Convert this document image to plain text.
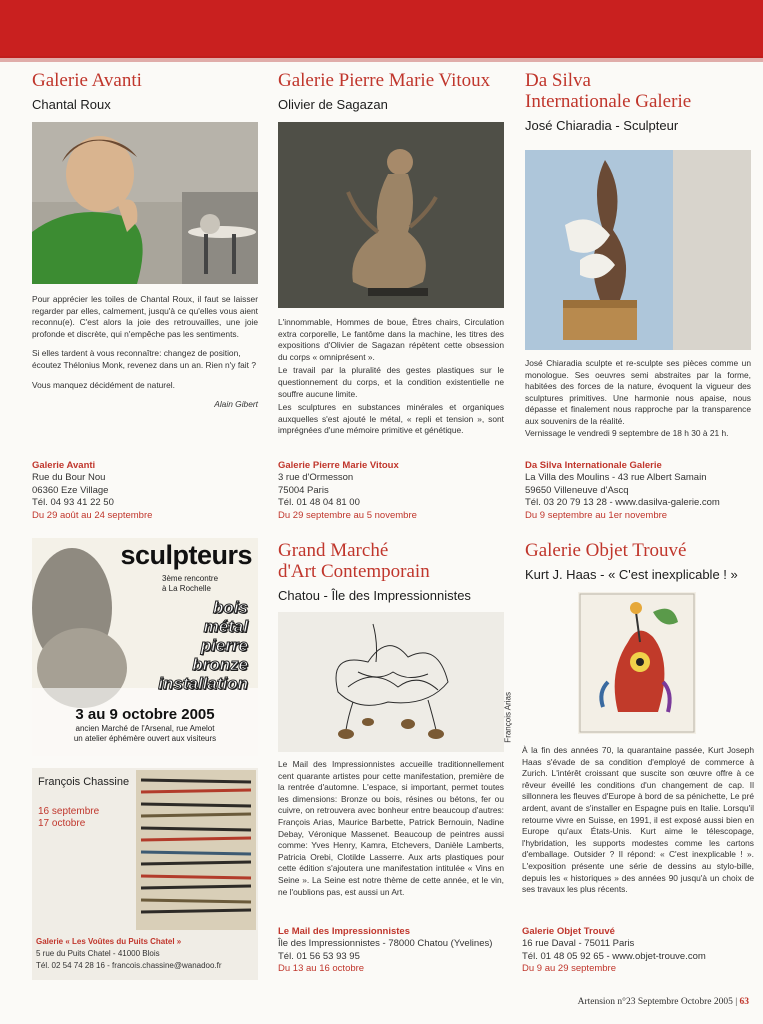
Galerie Avanti
Chantal Roux

Pour apprécier les toiles de Chantal Roux, il faut se laisser regarder par elles, calmement, jusqu'à ce qu'elles vous aient reconnu(e). C'est alors la joie des retrouvailles, une joie profonde et discrète, qui n'empêche pas les sentiments.

Si elles tardent à vous reconnaître: changez de position, écoutez Thélonius Monk, revenez dans un an. Rien n'y fait ?

Vous manquez décidément de naturel.

Alain Gibert

Galerie Avanti
Rue du Bour Nou
06360 Eze Village
Tél. 04 93 41 22 50
Du 29 août au 24 septembre
Galerie Pierre Marie Vitoux
Olivier de Sagazan

L'innommable, Hommes de boue, Êtres chairs, Circulation extra corporelle, Le fantôme dans la machine, les titres des expositions d'Olivier de Sagazan répètent cette obsession du corps « omniprésent ».

Le travail par la pluralité des gestes plastiques sur le questionnement du corps, et la condition existentielle ne souffre aucune limite.

Les sculptures en substances minérales et organiques auxquelles s'est ajouté le métal, « repli et tension », sont imprégnées d'une mémoire primitive et génétique.

Galerie Pierre Marie Vitoux
3 rue d'Ormesson
75004 Paris
Tél. 01 48 04 81 00
Du 29 septembre au 5 novembre
Da Silva
Internationale Galerie
José Chiaradia - Sculpteur

José Chiaradia sculpte et re-sculpte ses pièces comme un monologue. Ses oeuvres semi abstraites par la forme, habitées des forces de la nature, évoquent la vigueur des sculptures primitives. Une harmonie nous apaise, nous dépasse et finalement nous rapproche par la transparence aux souvenirs de la réalité.

Vernissage le vendredi 9 septembre de 18 h 30 à 21 h.

Da Silva Internationale Galerie
La Villa des Moulins - 43 rue Albert Samain
59650 Villeneuve d'Ascq
Tél. 03 20 79 13 28 - www.dasilva-galerie.com
Du 9 septembre au 1er novembre
sculpteurs
3ème rencontre
à La Rochelle
bois
métal
pierre
bronze
installation
3 au 9 octobre 2005
ancien Marché de l'Arsenal, rue Amelot
un atelier éphémère ouvert aux visiteurs
François Chassine
16 septembre
17 octobre
Galerie « Les Voûtes du Puits Chatel »
5 rue du Puits Chatel - 41000 Blois
Tél. 02 54 74 28 16 - francois.chassine@wanadoo.fr
Grand Marché
d'Art Contemporain
Chatou - Île des Impressionnistes
François Arias

Le Mail des Impressionnistes accueille traditionnellement cent quarante artistes pour cette manifestation, première de la rentrée d'automne. L'espace, si important, permet toutes les dimensions: Bronze ou bois, résines ou bétons, fer ou cuivre, on retrouvera avec bonheur entre beaucoup d'autres: François Arias, Maurice Barbette, Patrick Bernouin, Nadine Debay, Véronique Massenet. Beaucoup de peintres aussi comme: Yves Henry, Kamra, Etchevers, Danièle Lamberts, Patricia Orebi, Clotilde Lasserre. Aux arts plastiques pour cette édition s'ajoutera une manifestation intitulée « Vins en Seine ». La Seine est notre thème de cette année, et le vin, ne l'oublions pas, est aussi un Art.

Le Mail des Impressionnistes
Île des Impressionnistes - 78000 Chatou (Yvelines)
Tél. 01 56 53 93 95
Du 13 au 16 octobre
Galerie Objet Trouvé
Kurt J. Haas - « C'est inexplicable ! »

À la fin des années 70, la quarantaine passée, Kurt Joseph Haas s'évade de sa condition d'employé de commerce à Zurich. L'intérêt croissant que suscite son œuvre offre à ce rêveur éveillé les conditions d'un changement de cap. Il sillonnera les fleuves d'Europe à bord de sa pénichette, Le pré ardent, avant de s'installer en Espagne puis en Italie. Lorsqu'il retourne vivre en Suisse, en 1991, il est exposé aussi bien en Europe qu'aux États-Unis. Kurt aime le télescopage, l'hybridation, les supports modestes comme les cartons d'emballage. Outsider ? Il répond: « C'est inexplicable ! ». L'exposition présente une série de dessins au stylo-bille, depuis les « historiques » des années 90 jusqu'à un choix de ses travaux les plus récents.

Galerie Objet Trouvé
16 rue Daval - 75011 Paris
Tél. 01 48 05 92 65 - www.objet-trouve.com
Du 9 au 29 septembre
Artension n°23 Septembre Octobre 2005 | 63
